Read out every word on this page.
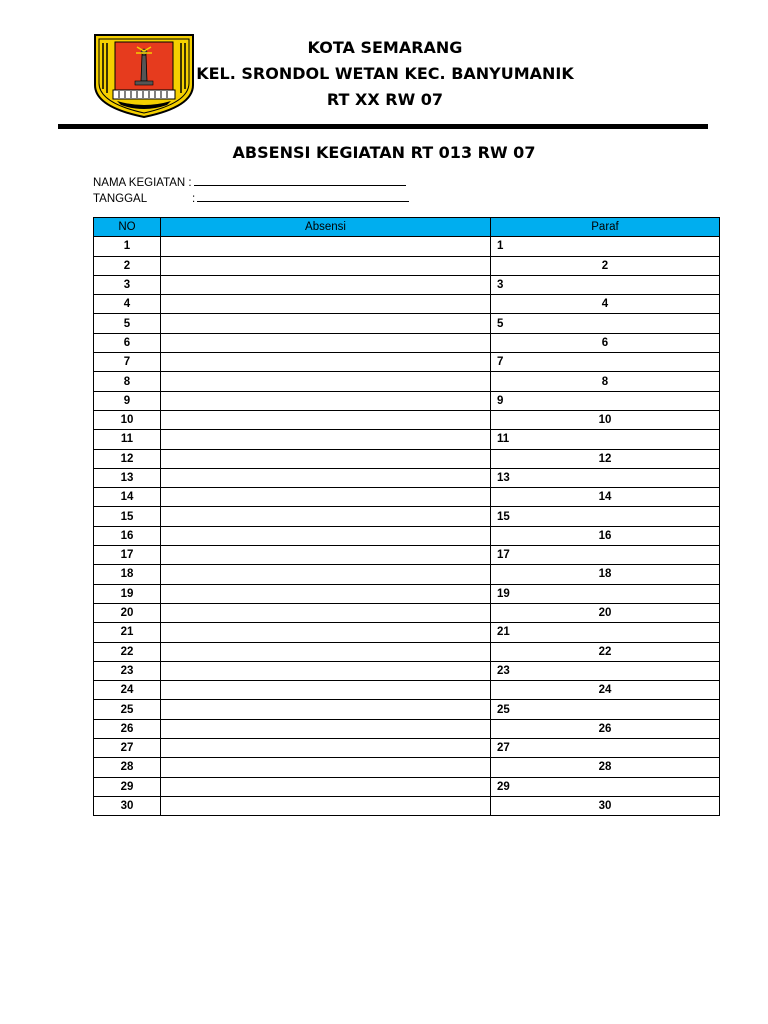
KOTA SEMARANG
KEL. SRONDOL WETAN KEC. BANYUMANIK
RT XX RW 07
ABSENSI KEGIATAN RT 013 RW 07
NAMA KEGIATAN :
TANGGAL	:
NO	Absensi	Paraf
1		1
2		2
3		3
4		4
5		5
6		6
7		7
8		8
9		9
10		10
11		11
12		12
13		13
14		14
15		15
16		16
17		17
18		18
19		19
20		20
21		21
22		22
23		23
24		24
25		25
26		26
27		27
28		28
29		29
30		30
